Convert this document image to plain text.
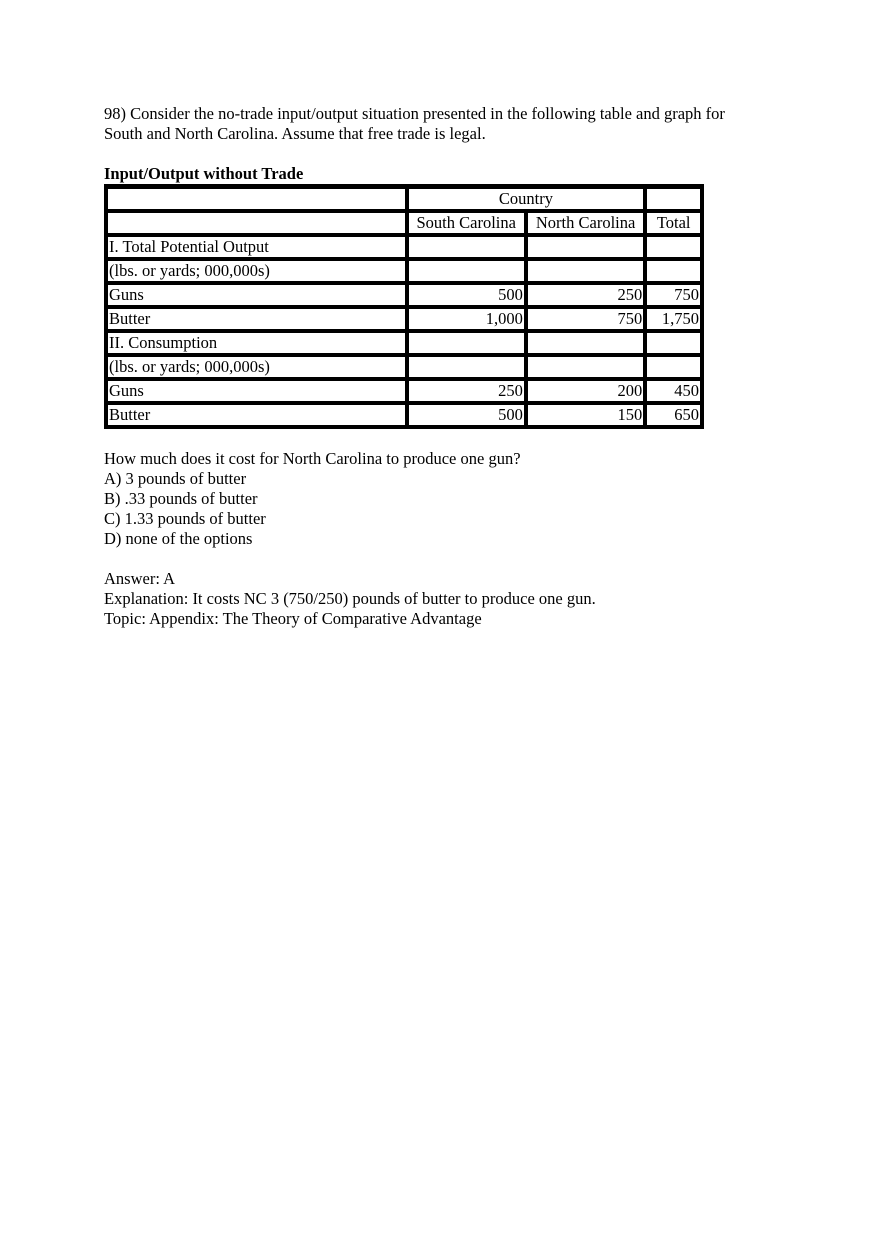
98) Consider the no-trade input/output situation presented in the following table and graph for

South and North Carolina. Assume that free trade is legal.

Input/Output without Trade
	Country		
	South Carolina	North Carolina	Total
I. Total Potential Output			
(lbs. or yards; 000,000s)			
Guns	500	250	750
Butter	1,000	750	1,750
II. Consumption			
(lbs. or yards; 000,000s)			
Guns	250	200	450
Butter	500	150	650

How much does it cost for North Carolina to produce one gun?

A) 3 pounds of butter

B) .33 pounds of butter

C) 1.33 pounds of butter

D) none of the options

Answer: A

Explanation: It costs NC 3 (750/250) pounds of butter to produce one gun.

Topic: Appendix: The Theory of Comparative Advantage
